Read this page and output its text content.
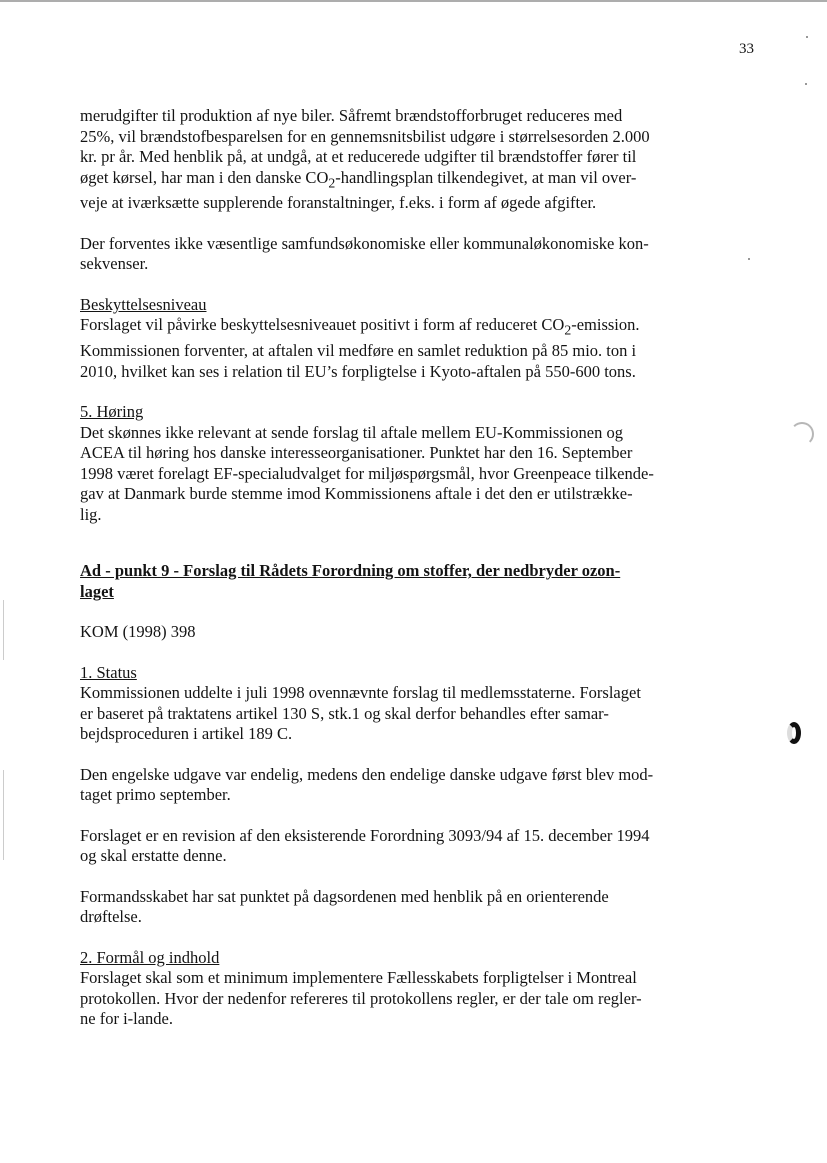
33

merudgifter til produktion af nye biler. Såfremt brændstofforbruget reduceres med

25%, vil brændstofbesparelsen for en gennemsnitsbilist udgøre i størrelsesorden 2.000

kr. pr år. Med henblik på, at undgå, at et reducerede udgifter til brændstoffer fører til

øget kørsel, har man i den danske $CO_2$-handlingsplan tilkendegivet, at man vil over-

veje at iværksætte supplerende foranstaltninger, f.eks. i form af øgede afgifter.

Der forventes ikke væsentlige samfundsøkonomiske eller kommunaløkonomiske kon-

sekvenser.

Beskyttelsesniveau

Forslaget vil påvirke beskyttelsesniveauet positivt i form af reduceret $CO_2$-emission.

Kommissionen forventer, at aftalen vil medføre en samlet reduktion på 85 mio. ton i

2010, hvilket kan ses i relation til EU’s forpligtelse i Kyoto-aftalen på 550-600 tons.

5. Høring

Det skønnes ikke relevant at sende forslag til aftale mellem EU-Kommissionen og

ACEA til høring hos danske interesseorganisationer. Punktet har den 16. September

1998 været forelagt EF-specialudvalget for miljøspørgsmål, hvor Greenpeace tilkende-

gav at Danmark burde stemme imod Kommissionens aftale i det den er utilstrække-

lig.

Ad - punkt 9 - Forslag til Rådets Forordning om stoffer, der nedbryder ozon-

laget

KOM (1998) 398

1. Status

Kommissionen uddelte i juli 1998 ovennævnte forslag til medlemsstaterne. Forslaget

er baseret på traktatens artikel 130 S, stk.1 og skal derfor behandles efter samar-

bejdsproceduren i artikel 189 C.

Den engelske udgave var endelig, medens den endelige danske udgave først blev mod-

taget primo september.

Forslaget er en revision af den eksisterende Forordning 3093/94 af 15. december 1994

og skal erstatte denne.

Formandsskabet har sat punktet på dagsordenen med henblik på en orienterende

drøftelse.

2. Formål og indhold

Forslaget skal som et minimum implementere Fællesskabets forpligtelser i Montreal

protokollen. Hvor der nedenfor refereres til protokollens regler, er der tale om regler-

ne for i-lande.
